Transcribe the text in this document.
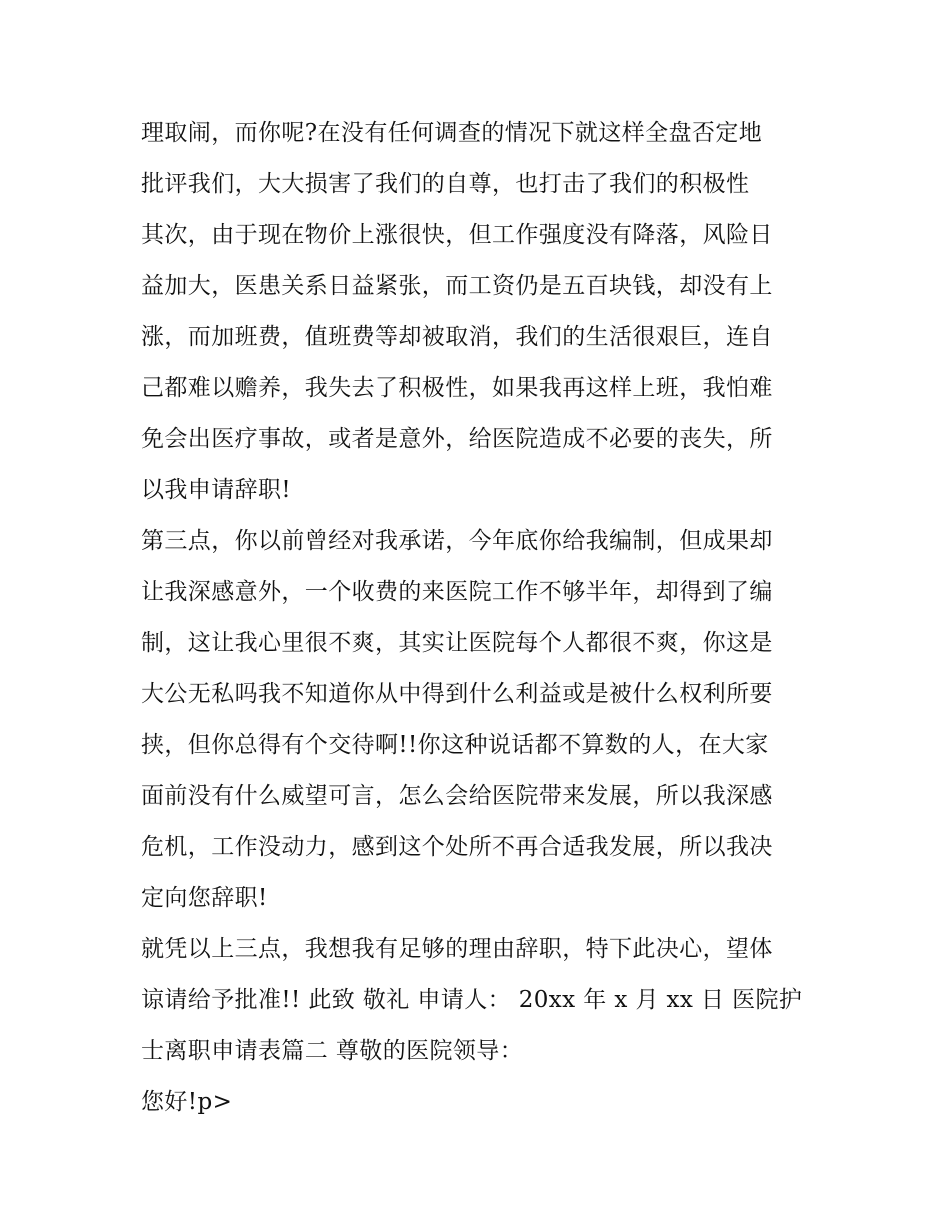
理取闹，而你呢?在没有任何调查的情况下就这样全盘否定地
批评我们，大大损害了我们的自尊，也打击了我们的积极性
其次，由于现在物价上涨很快，但工作强度没有降落，风险日
益加大，医患关系日益紧张，而工资仍是五百块钱，却没有上
涨，而加班费，值班费等却被取消，我们的生活很艰巨，连自
己都难以赡养，我失去了积极性，如果我再这样上班，我怕难
免会出医疗事故，或者是意外，给医院造成不必要的丧失，所
以我申请辞职!
第三点，你以前曾经对我承诺，今年底你给我编制，但成果却
让我深感意外，一个收费的来医院工作不够半年，却得到了编
制，这让我心里很不爽，其实让医院每个人都很不爽，你这是
大公无私吗我不知道你从中得到什么利益或是被什么权利所要
挟，但你总得有个交待啊!!你这种说话都不算数的人，在大家
面前没有什么威望可言，怎么会给医院带来发展，所以我深感
危机，工作没动力，感到这个处所不再合适我发展，所以我决
定向您辞职!
就凭以上三点，我想我有足够的理由辞职，特下此决心，望体
谅请给予批准!! 此致 敬礼 申请人： 20xx 年 x 月 xx 日 医院护
士离职申请表篇二 尊敬的医院领导：
您好!p>
